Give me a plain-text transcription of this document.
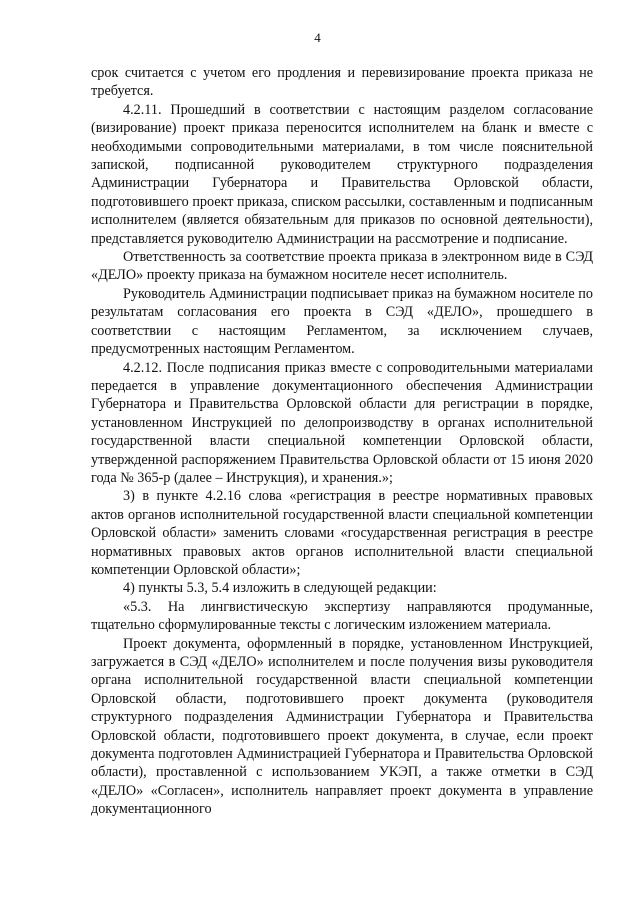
4

срок считается с учетом его продления и перевизирование проекта приказа не требуется.

4.2.11. Прошедший в соответствии с настоящим разделом согласование (визирование) проект приказа переносится исполнителем на бланк и вместе с необходимыми сопроводительными материалами, в том числе пояснительной запиской, подписанной руководителем структурного подразделения Администрации Губернатора и Правительства Орловской области, подготовившего проект приказа, списком рассылки, составленным и подписанным исполнителем (является обязательным для приказов по основной деятельности), представляется руководителю Администрации на рассмотрение и подписание.

Ответственность за соответствие проекта приказа в электронном виде в СЭД «ДЕЛО» проекту приказа на бумажном носителе несет исполнитель.

Руководитель Администрации подписывает приказ на бумажном носителе по результатам согласования его проекта в СЭД «ДЕЛО», прошедшего в соответствии с настоящим Регламентом, за исключением случаев, предусмотренных настоящим Регламентом.

4.2.12. После подписания приказ вместе с сопроводительными материалами передается в управление документационного обеспечения Администрации Губернатора и Правительства Орловской области для регистрации в порядке, установленном Инструкцией по делопроизводству в органах исполнительной государственной власти специальной компетенции Орловской области, утвержденной распоряжением Правительства Орловской области от 15 июня 2020 года № 365-р (далее – Инструкция), и хранения.»;

3) в пункте 4.2.16 слова «регистрация в реестре нормативных правовых актов органов исполнительной государственной власти специальной компетенции Орловской области» заменить словами «государственная регистрация в реестре нормативных правовых актов органов исполнительной власти специальной компетенции Орловской области»;

4) пункты 5.3, 5.4 изложить в следующей редакции:

«5.3. На лингвистическую экспертизу направляются продуманные, тщательно сформулированные тексты с логическим изложением материала.

Проект документа, оформленный в порядке, установленном Инструкцией, загружается в СЭД «ДЕЛО» исполнителем и после получения визы руководителя органа исполнительной государственной власти специальной компетенции Орловской области, подготовившего проект документа (руководителя структурного подразделения Администрации Губернатора и Правительства Орловской области, подготовившего проект документа, в случае, если проект документа подготовлен Администрацией Губернатора и Правительства Орловской области), проставленной с использованием УКЭП, а также отметки в СЭД «ДЕЛО» «Согласен», исполнитель направляет проект документа в управление документационного
